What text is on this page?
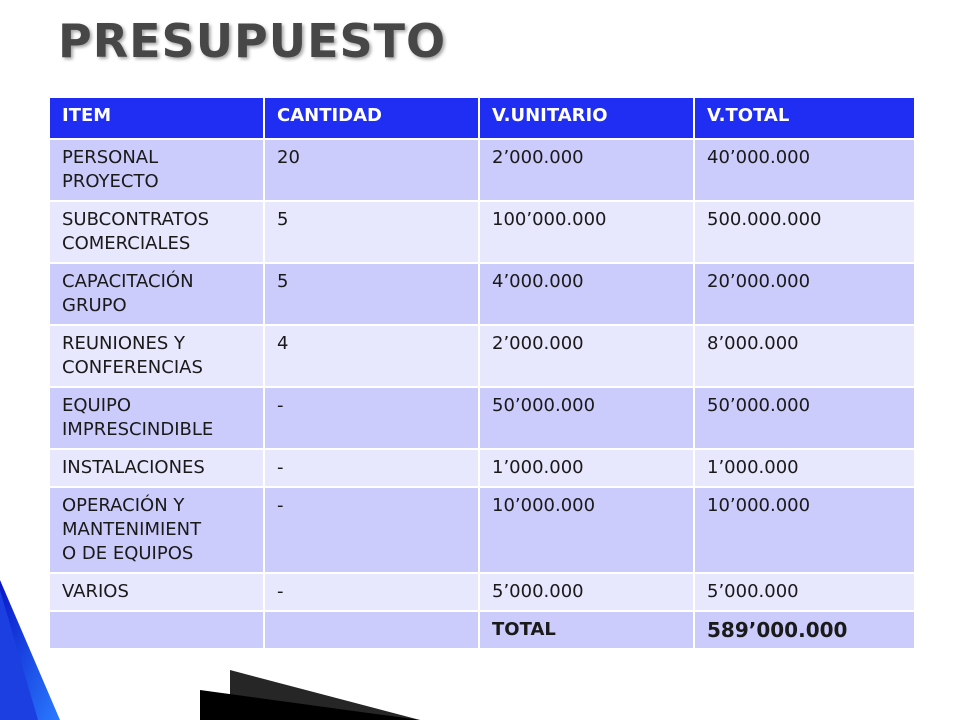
PRESUPUESTO
ITEM	CANTIDAD	V.UNITARIO	V.TOTAL
PERSONAL
PROYECTO	20	2’000.000	40’000.000
SUBCONTRATOS
COMERCIALES	5	100’000.000	500.000.000
CAPACITACIÓN
GRUPO	5	4’000.000	20’000.000
REUNIONES Y
CONFERENCIAS	4	2’000.000	8’000.000
EQUIPO
IMPRESCINDIBLE	-	50’000.000	50’000.000
INSTALACIONES	-	1’000.000	1’000.000
OPERACIÓN Y
MANTENIMIENT
O DE EQUIPOS	-	10’000.000	10’000.000
VARIOS	-	5’000.000	5’000.000
		TOTAL	589’000.000
